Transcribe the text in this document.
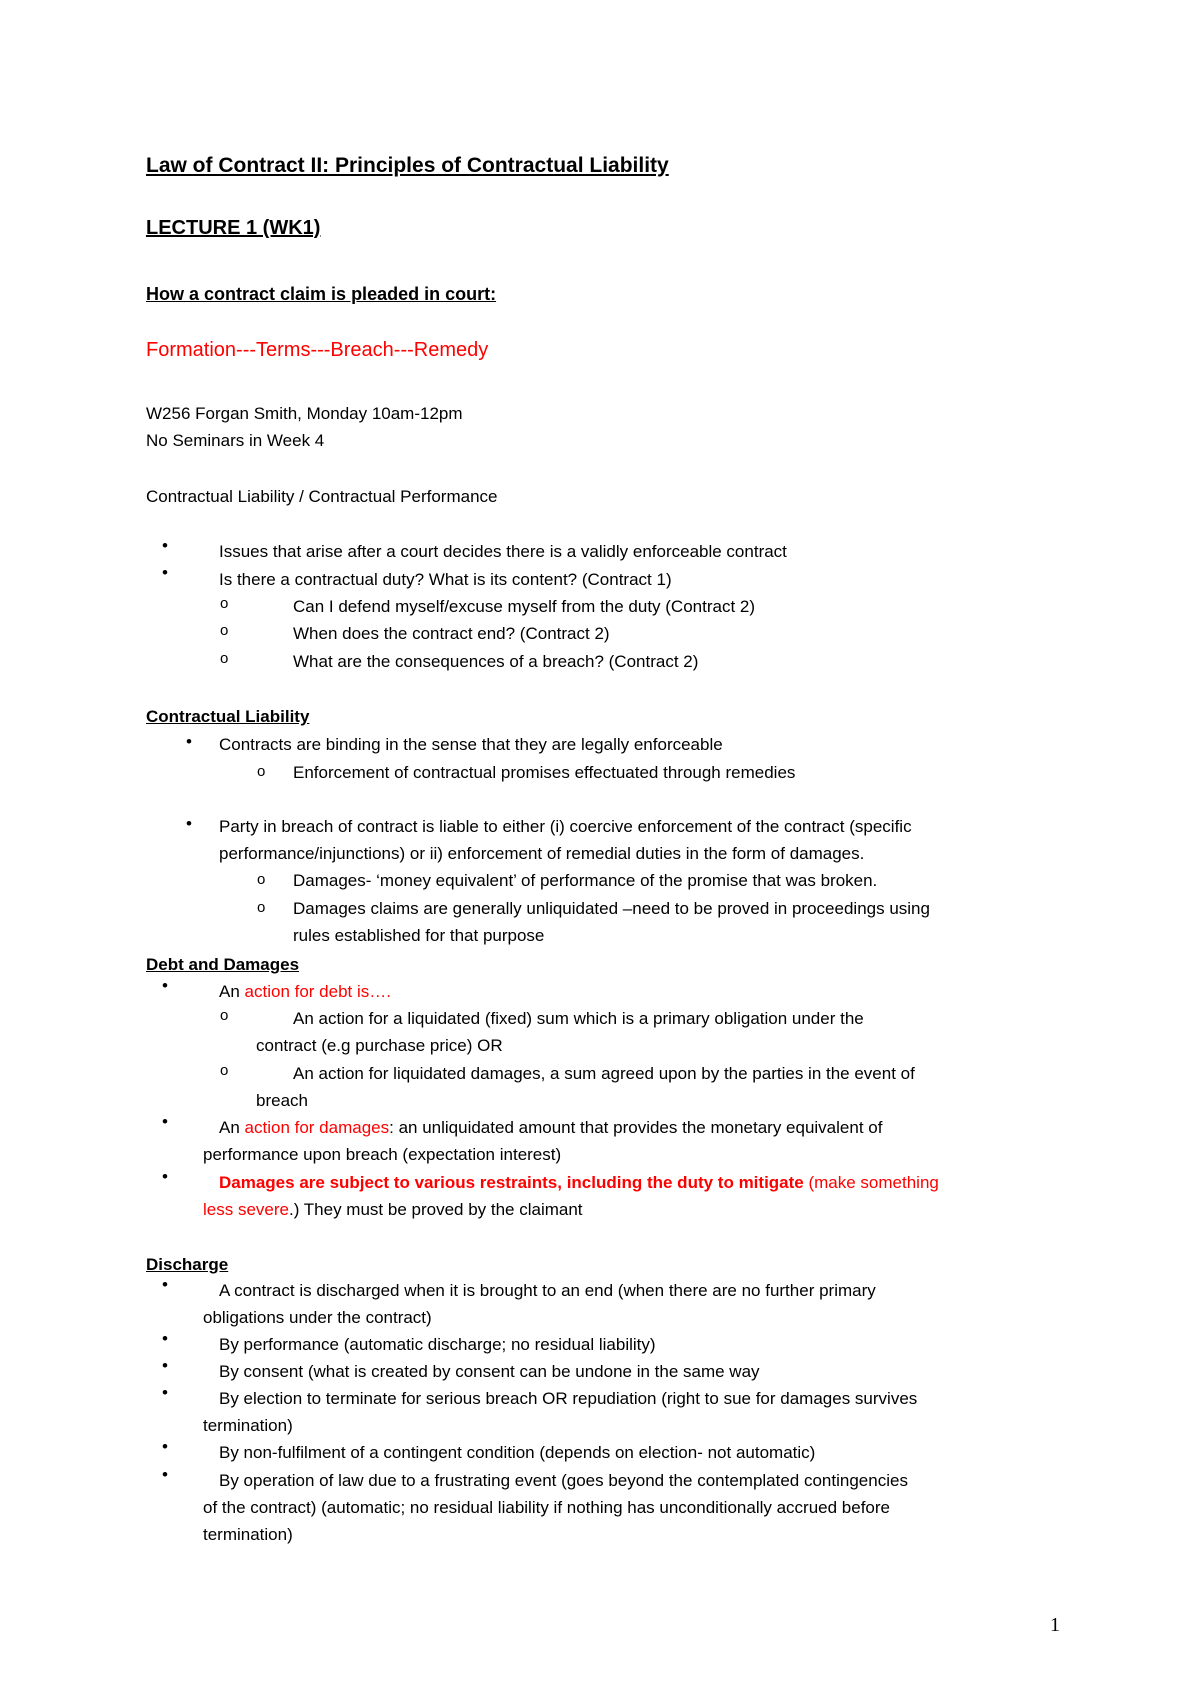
Law of Contract II: Principles of Contractual Liability
LECTURE 1 (WK1)
How a contract claim is pleaded in court:
Formation---Terms---Breach---Remedy
W256 Forgan Smith, Monday 10am-12pm
No Seminars in Week 4
Contractual Liability / Contractual Performance
•	Issues that arise after a court decides there is a validly enforceable contract
•	Is there a contractual duty? What is its content? (Contract 1)
o	Can I defend myself/excuse myself from the duty (Contract 2)
o	When does the contract end? (Contract 2)
o	What are the consequences of a breach? (Contract 2)
Contractual Liability
• Contracts are binding in the sense that they are legally enforceable
o Enforcement of contractual promises effectuated through remedies
• Party in breach of contract is liable to either (i) coercive enforcement of the contract (specific
performance/injunctions) or ii) enforcement of remedial duties in the form of damages.
o Damages- ‘money equivalent’ of performance of the promise that was broken.
o Damages claims are generally unliquidated –need to be proved in proceedings using
rules established for that purpose
Debt and Damages
•	An action for debt is….
o	An action for a liquidated (fixed) sum which is a primary obligation under the
contract (e.g purchase price) OR
o	An action for liquidated damages, a sum agreed upon by the parties in the event of
breach
•	An action for damages: an unliquidated amount that provides the monetary equivalent of
performance upon breach (expectation interest)
•	Damages are subject to various restraints, including the duty to mitigate (make something
less severe.) They must be proved by the claimant
Discharge
•	A contract is discharged when it is brought to an end (when there are no further primary
obligations under the contract)
•	By performance (automatic discharge; no residual liability)
•	By consent (what is created by consent can be undone in the same way
•	By election to terminate for serious breach OR repudiation (right to sue for damages survives
termination)
•	By non-fulfilment of a contingent condition (depends on election- not automatic)
•	By operation of law due to a frustrating event (goes beyond the contemplated contingencies
of the contract) (automatic; no residual liability if nothing has unconditionally accrued before
termination)
1
